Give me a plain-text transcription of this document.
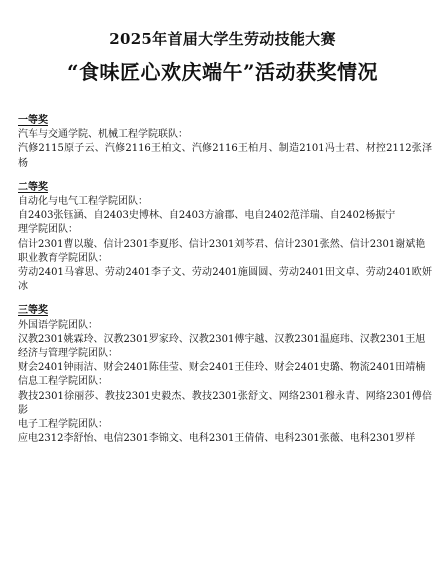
2025年首届大学生劳动技能大赛
“食味匠心欢庆端午”活动获奖情况
一等奖
汽车与交通学院、机械工程学院联队：
汽修2115原子云、汽修2116王柏文、汽修2116王柏月、制造2101冯士君、材控2112张泽杨
二等奖
自动化与电气工程学院团队：
自2403张钰涵、自2403史博林、自2403方渝郡、电自2402范洋瑞、自2402杨振宁
理学院团队：
信计2301曹以璇、信计2301李夏彤、信计2301刘芩君、信计2301张然、信计2301谢斌艳
职业教育学院团队：
劳动2401马睿思、劳动2401李子文、劳动2401施圆圆、劳动2401田文卓、劳动2401欧妍冰
三等奖
外国语学院团队：
汉教2301姚霖玲、汉教2301罗家玲、汉教2301傅宇越、汉教2301温庭玮、汉教2301王旭
经济与管理学院团队：
财会2401钟雨洁、财会2401陈佳莹、财会2401王佳玲、财会2401史璐、物流2401田靖楠
信息工程学院团队：
教技2301徐丽莎、教技2301史毅杰、教技2301张舒文、网络2301穆永青、网络2301傅倍影
电子工程学院团队：
应电2312李舒怡、电信2301李锦文、电科2301王倩倩、电科2301张薇、电科2301罗样
